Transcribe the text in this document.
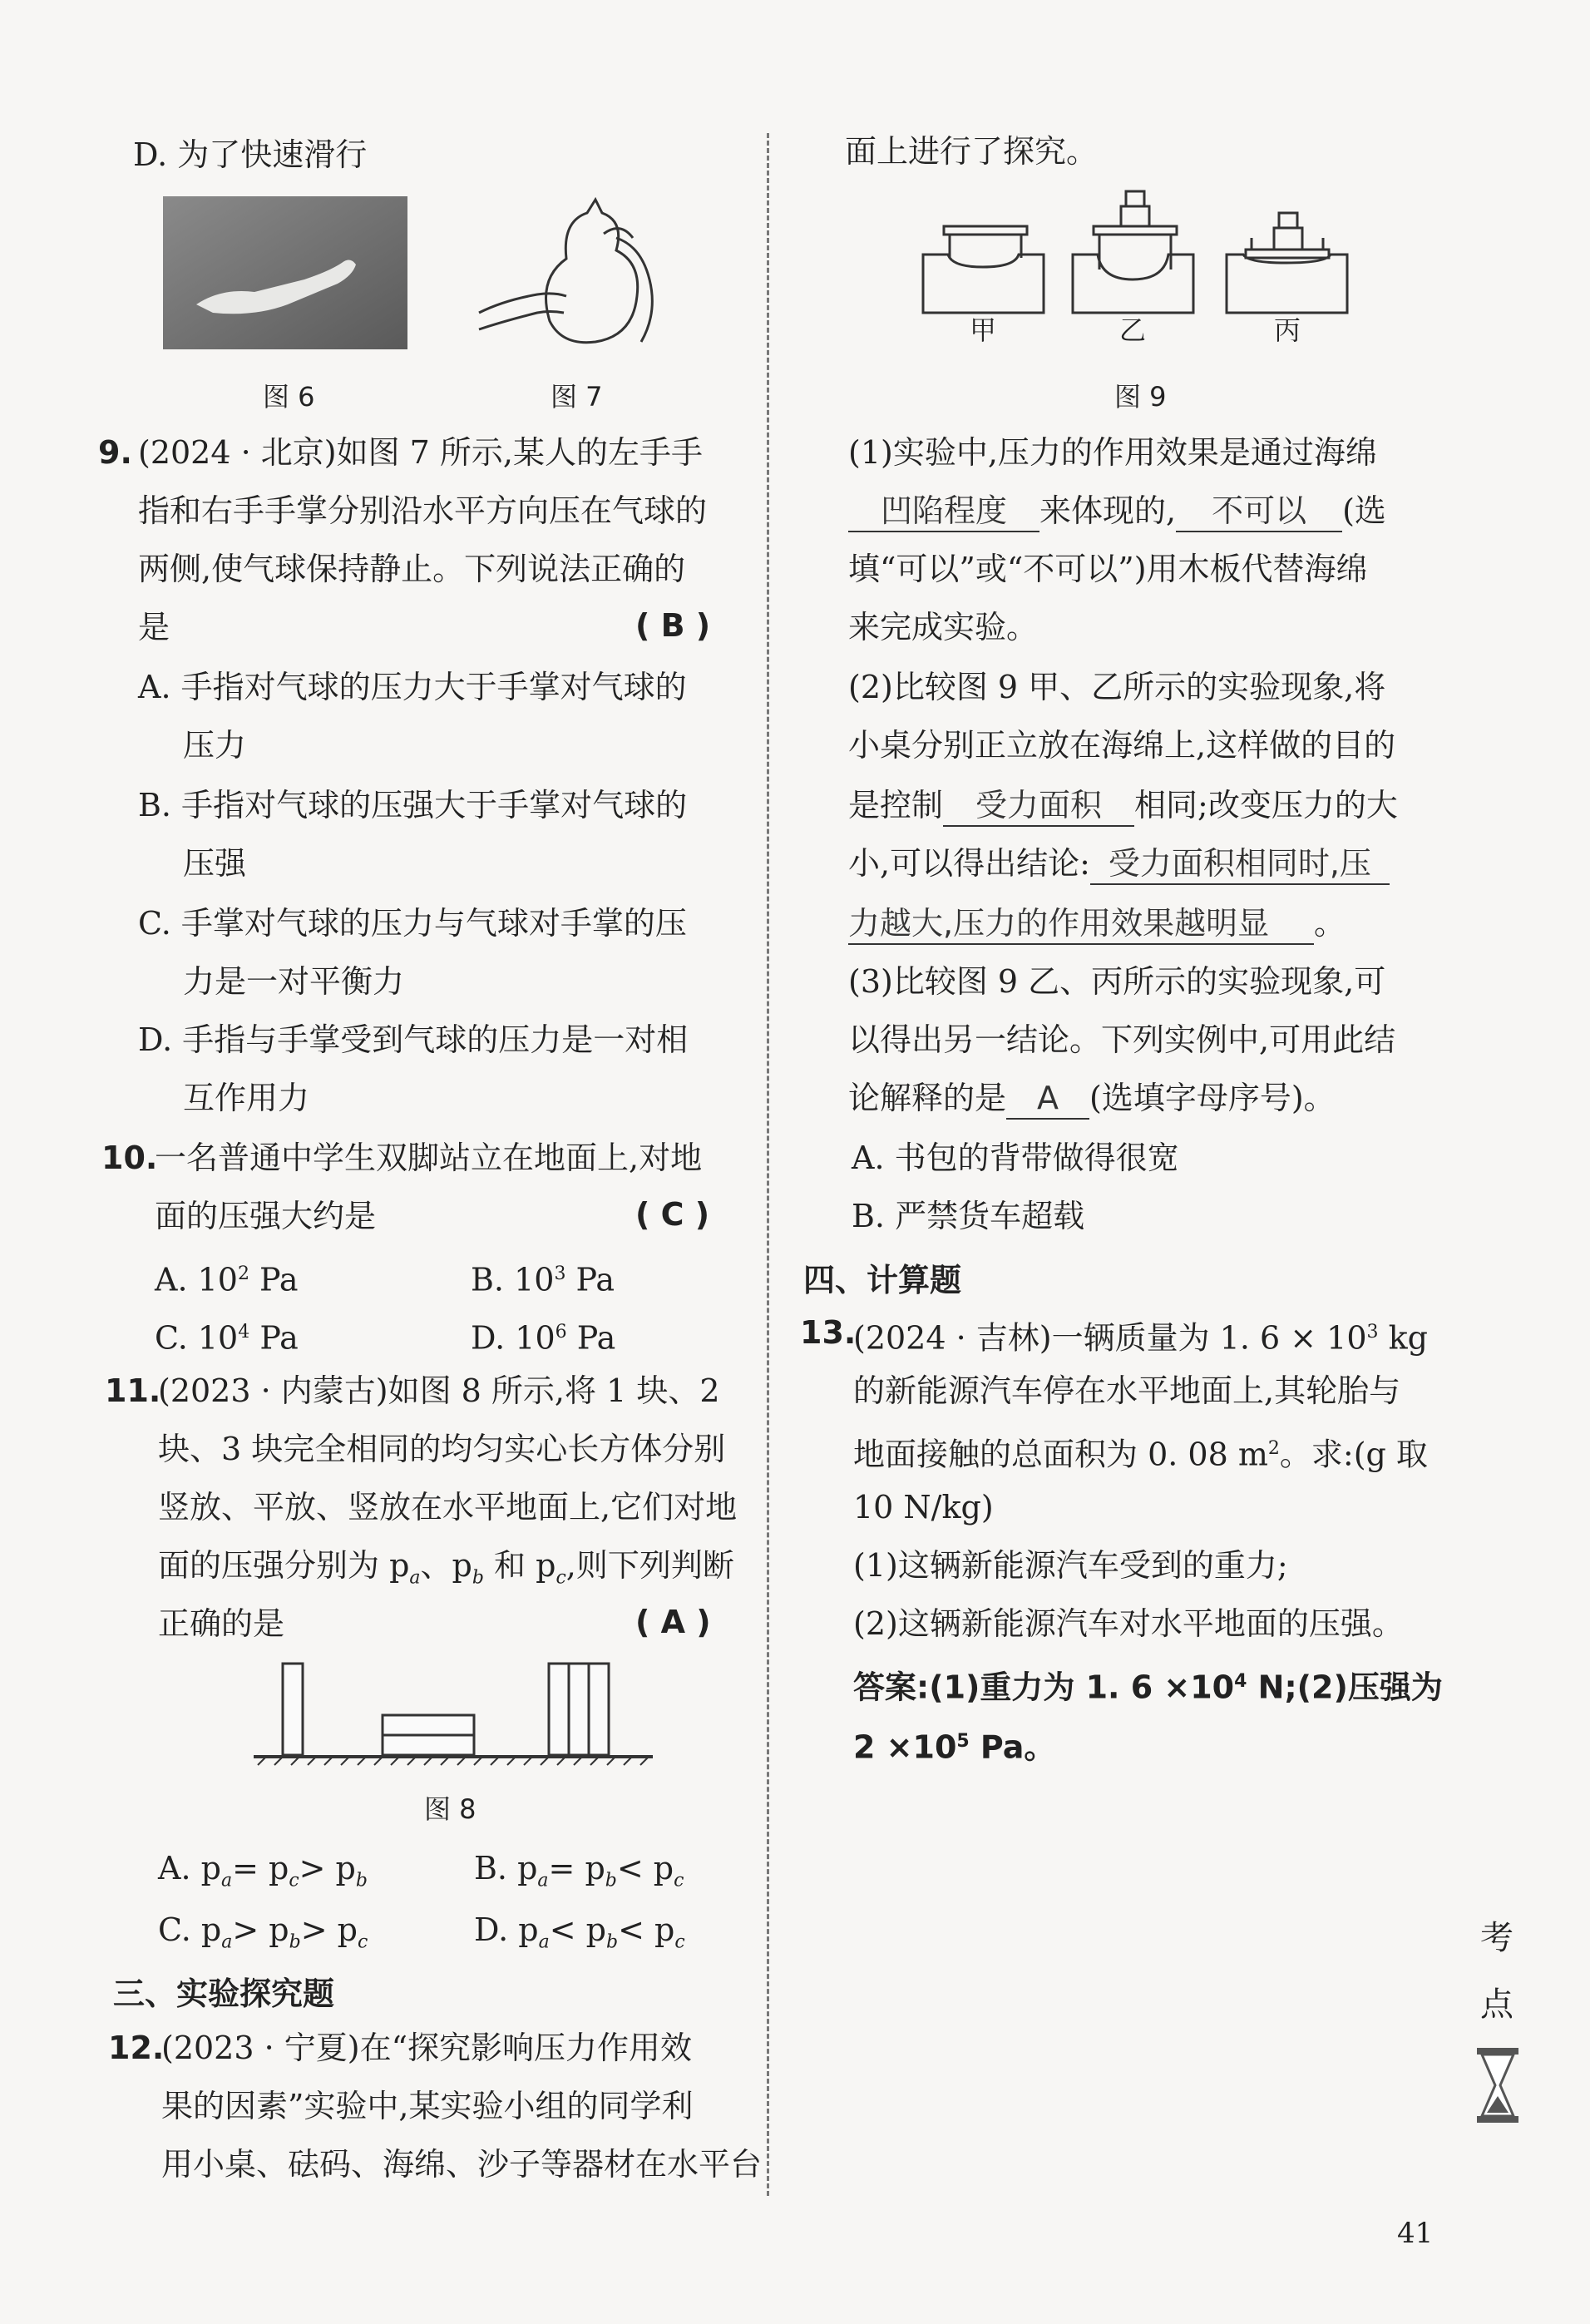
D. 为了快速滑行
图 6	图 7
9. (2024 · 北京)如图 7 所示,某人的左手手
指和右手手掌分别沿水平方向压在气球的
两侧,使气球保持静止。下列说法正确的
是	( B )
A. 手指对气球的压力大于手掌对气球的
压力
B. 手指对气球的压强大于手掌对气球的
压强
C. 手掌对气球的压力与气球对手掌的压
力是一对平衡力
D. 手指与手掌受到气球的压力是一对相
互作用力
10.
一名普通中学生双脚站立在地面上,对地
面的压强大约是	( C )
A. $10^2$ Pa	B. $10^3$ Pa
C. $10^4$ Pa	D. $10^6$ Pa
11.
(2023 · 内蒙古)如图 8 所示,将 1 块、2
块、3 块完全相同的均匀实心长方体分别
竖放、平放、竖放在水平地面上,它们对地
面的压强分别为 $p_a$、$p_b$ 和 $p_c$,则下列判断
正确的是	( A )
图 8
A. $p_a= p_c> p_b$	B. $p_a= p_b< p_c$
C. $p_a> p_b> p_c$	D. $p_a< p_b< p_c$
三、实验探究题
12.
(2023 · 宁夏)在“探究影响压力作用效
果的因素”实验中,某实验小组的同学利
用小桌、砝码、海绵、沙子等器材在水平台
面上进行了探究。
甲	乙	丙
图 9
(1)实验中,压力的作用效果是通过海绵
凹陷程度 来体现的, 不可以 (选
填“可以”或“不可以”)用木板代替海绵
来完成实验。
(2)比较图 9 甲、乙所示的实验现象,将
小桌分别正立放在海绵上,这样做的目的
是控制 受力面积 相同;改变压力的大
小,可以得出结论: 受力面积相同时,压
力越大,压力的作用效果越明显 。
(3)比较图 9 乙、丙所示的实验现象,可
以得出另一结论。下列实例中,可用此结
论解释的是 A (选填字母序号)。
A. 书包的背带做得很宽
B. 严禁货车超载
四、计算题
13.
(2024 · 吉林)一辆质量为 1. $6 \times 10^3$ kg
的新能源汽车停在水平地面上,其轮胎与
地面接触的总面积为 0. 08 $m^2$。求:(g 取
10 N/kg)
(1)这辆新能源汽车受到的重力;
(2)这辆新能源汽车对水平地面的压强。
答案:(1)重力为 1. $6 \times 10^4$ N;(2)压强为
$2 \times 10^5$ Pa。
考
点
41
